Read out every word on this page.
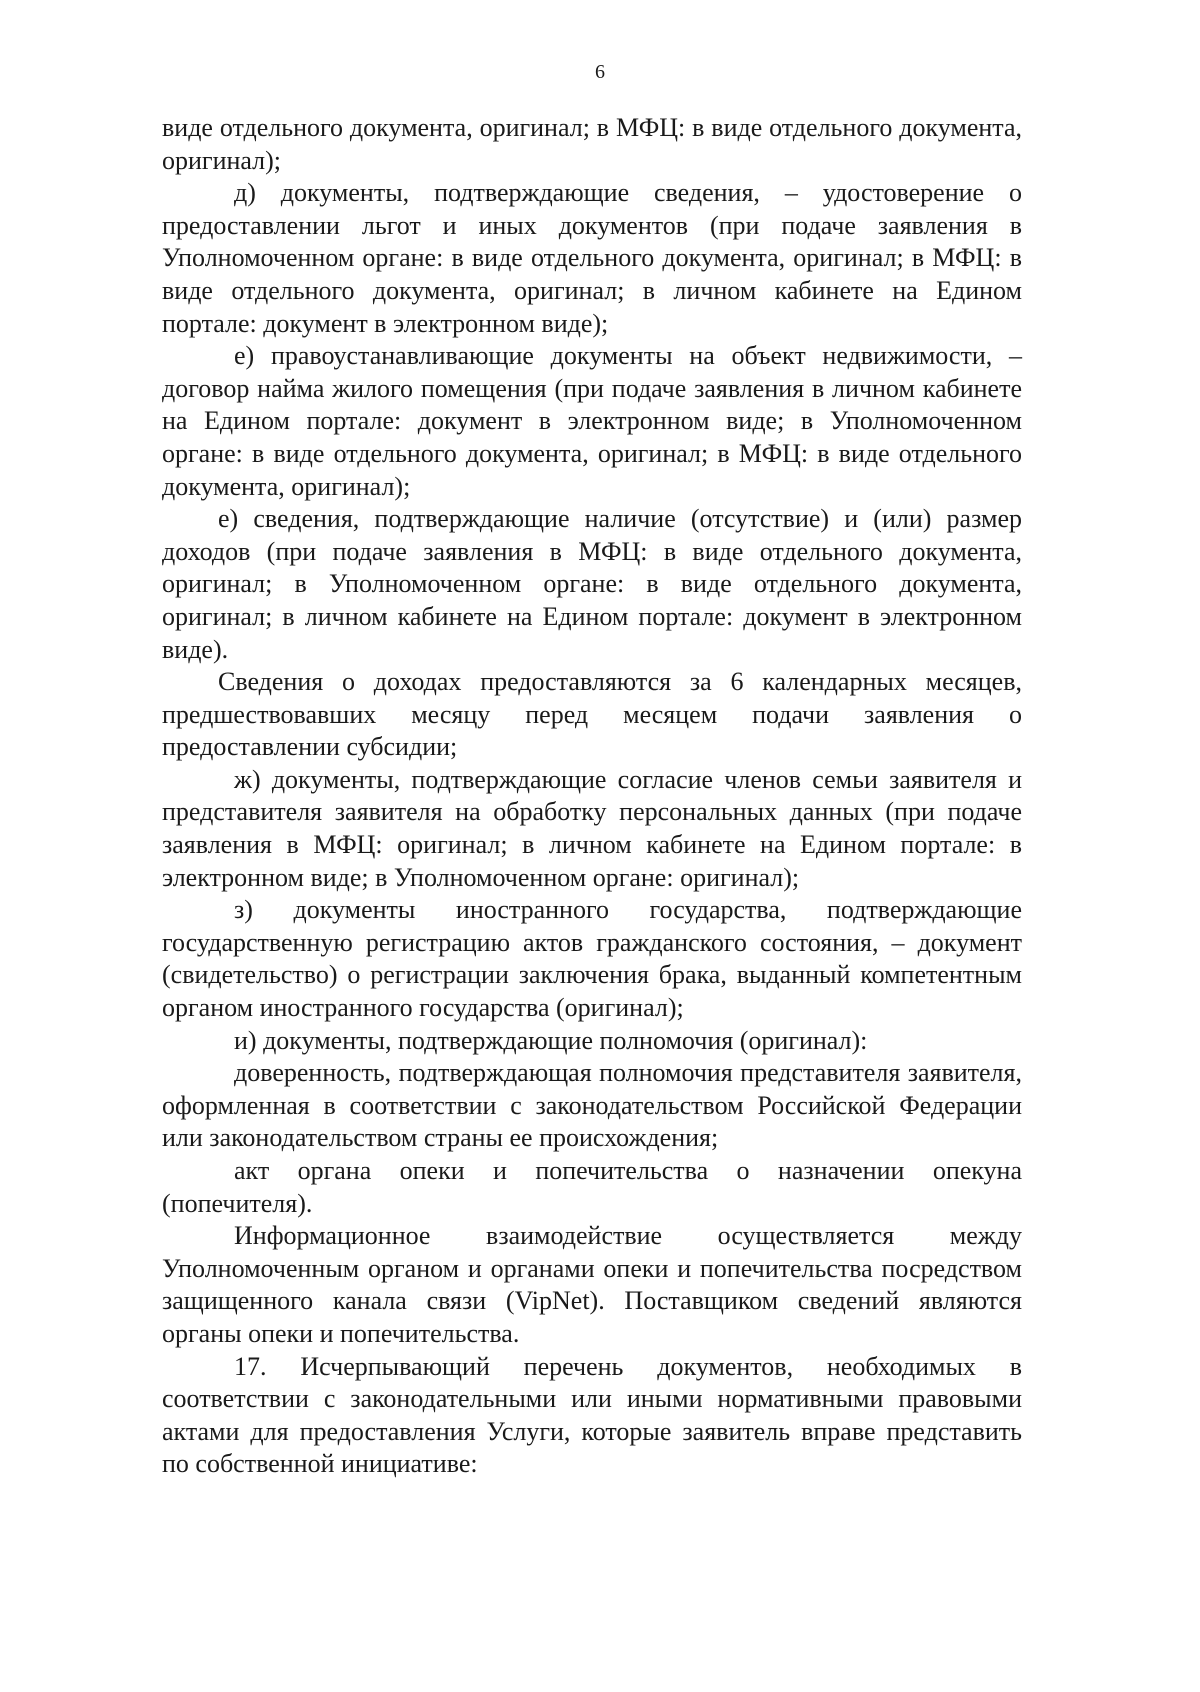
6

виде отдельного документа, оригинал; в МФЦ: в виде отдельного документа, оригинал);

д) документы, подтверждающие сведения, – удостоверение о предоставлении льгот и иных документов (при подаче заявления в Уполномоченном органе: в виде отдельного документа, оригинал; в МФЦ: в виде отдельного документа, оригинал; в личном кабинете на Едином портале: документ в электронном виде);

е) правоустанавливающие документы на объект недвижимости, – договор найма жилого помещения (при подаче заявления в личном кабинете на Едином портале: документ в электронном виде; в Уполномоченном органе: в виде отдельного документа, оригинал; в МФЦ: в виде отдельного документа, оригинал);

е) сведения, подтверждающие наличие (отсутствие) и (или) размер доходов (при подаче заявления в МФЦ: в виде отдельного документа, оригинал; в Уполномоченном органе: в виде отдельного документа, оригинал; в личном кабинете на Едином портале: документ в электронном виде).

Сведения о доходах предоставляются за 6 календарных месяцев, предшествовавших месяцу перед месяцем подачи заявления о предоставлении субсидии;

ж) документы, подтверждающие согласие членов семьи заявителя и представителя заявителя на обработку персональных данных (при подаче заявления в МФЦ: оригинал; в личном кабинете на Едином портале: в электронном виде; в Уполномоченном органе: оригинал);

з) документы иностранного государства, подтверждающие государственную регистрацию актов гражданского состояния, – документ (свидетельство) о регистрации заключения брака, выданный компетентным органом иностранного государства (оригинал);

и) документы, подтверждающие полномочия (оригинал):

доверенность, подтверждающая полномочия представителя заявителя, оформленная в соответствии с законодательством Российской Федерации или законодательством страны ее происхождения;

акт органа опеки и попечительства о назначении опекуна (попечителя).

Информационное взаимодействие осуществляется между Уполномоченным органом и органами опеки и попечительства посредством защищенного канала связи (VipNet). Поставщиком сведений являются органы опеки и попечительства.

17. Исчерпывающий перечень документов, необходимых в соответствии с законодательными или иными нормативными правовыми актами для предоставления Услуги, которые заявитель вправе представить по собственной инициативе:
